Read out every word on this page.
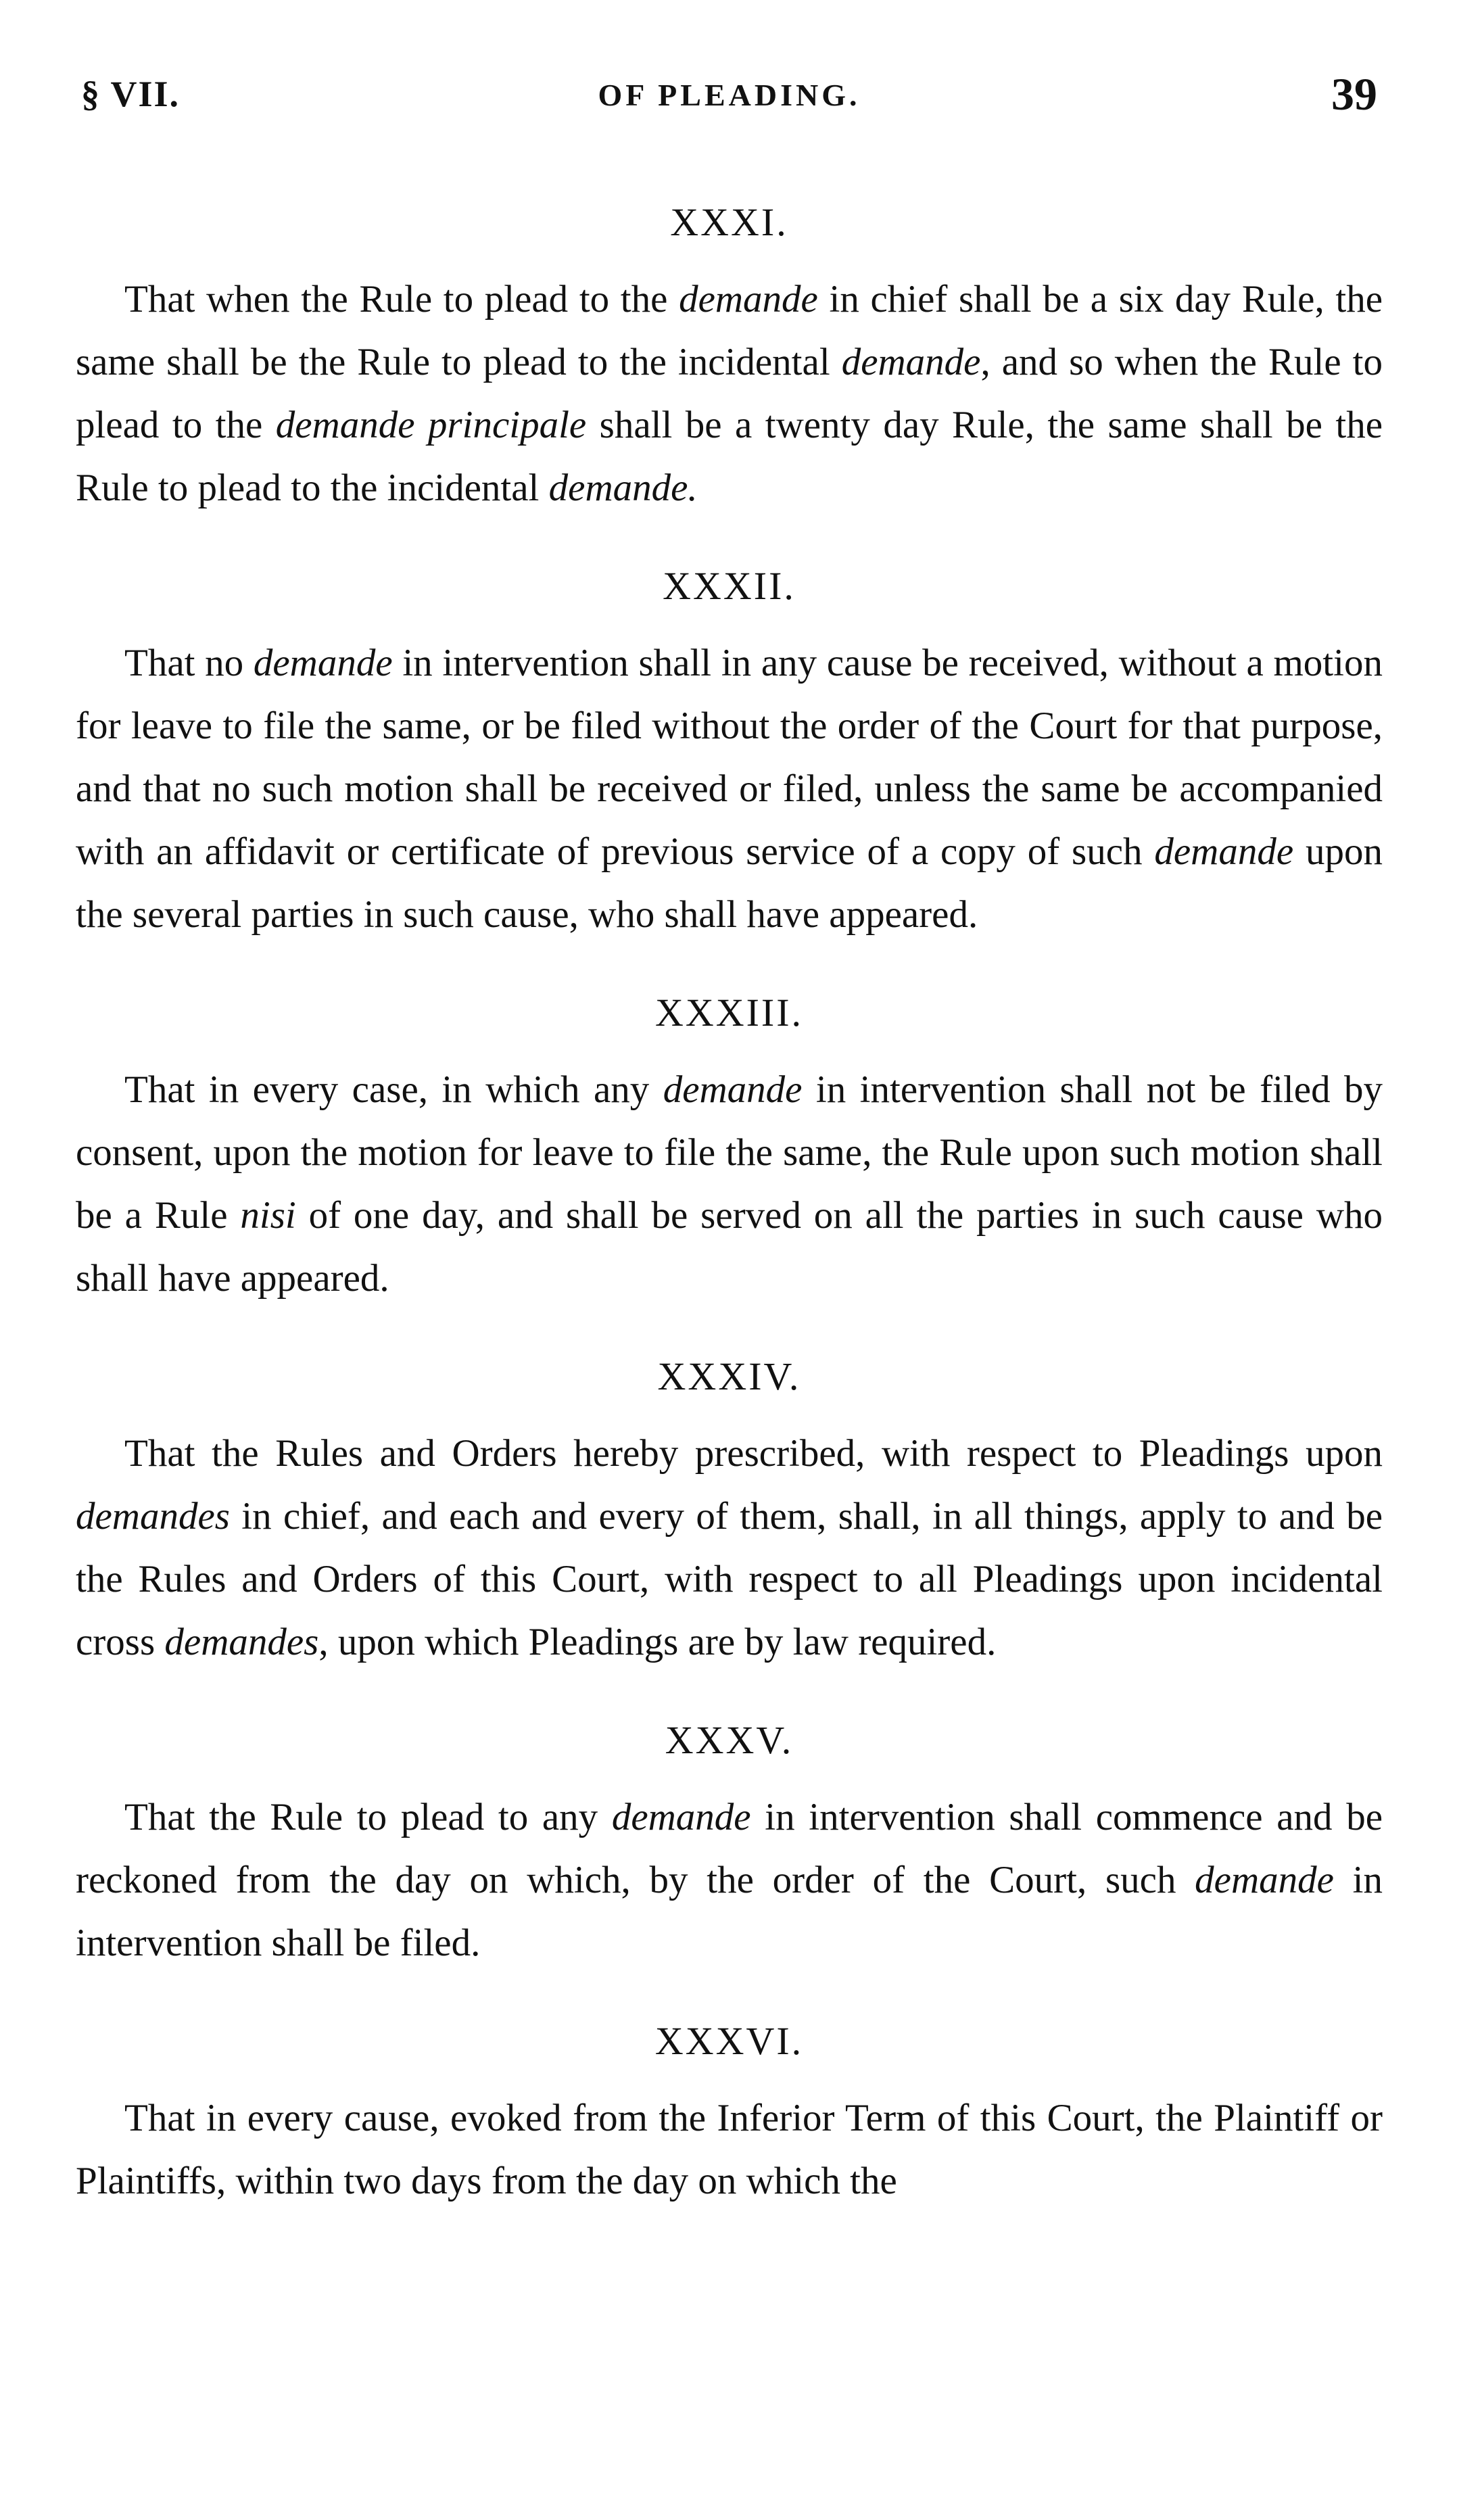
§ VII.	OF PLEADING.	39
XXXI.

That when the Rule to plead to the demande in chief shall be a six day Rule, the same shall be the Rule to plead to the incidental demande, and so when the Rule to plead to the demande principale shall be a twenty day Rule, the same shall be the Rule to plead to the incidental demande.

XXXII.

That no demande in intervention shall in any cause be received, without a motion for leave to file the same, or be filed without the order of the Court for that purpose, and that no such motion shall be received or filed, unless the same be accompanied with an affidavit or certificate of previous service of a copy of such demande upon the several parties in such cause, who shall have appeared.

XXXIII.

That in every case, in which any demande in intervention shall not be filed by consent, upon the motion for leave to file the same, the Rule upon such motion shall be a Rule nisi of one day, and shall be served on all the parties in such cause who shall have appeared.

XXXIV.

That the Rules and Orders hereby prescribed, with respect to Pleadings upon demandes in chief, and each and every of them, shall, in all things, apply to and be the Rules and Orders of this Court, with respect to all Pleadings upon incidental cross demandes, upon which Pleadings are by law required.

XXXV.

That the Rule to plead to any demande in intervention shall commence and be reckoned from the day on which, by the order of the Court, such demande in intervention shall be filed.

XXXVI.

That in every cause, evoked from the Inferior Term of this Court, the Plaintiff or Plaintiffs, within two days from the day on which the
